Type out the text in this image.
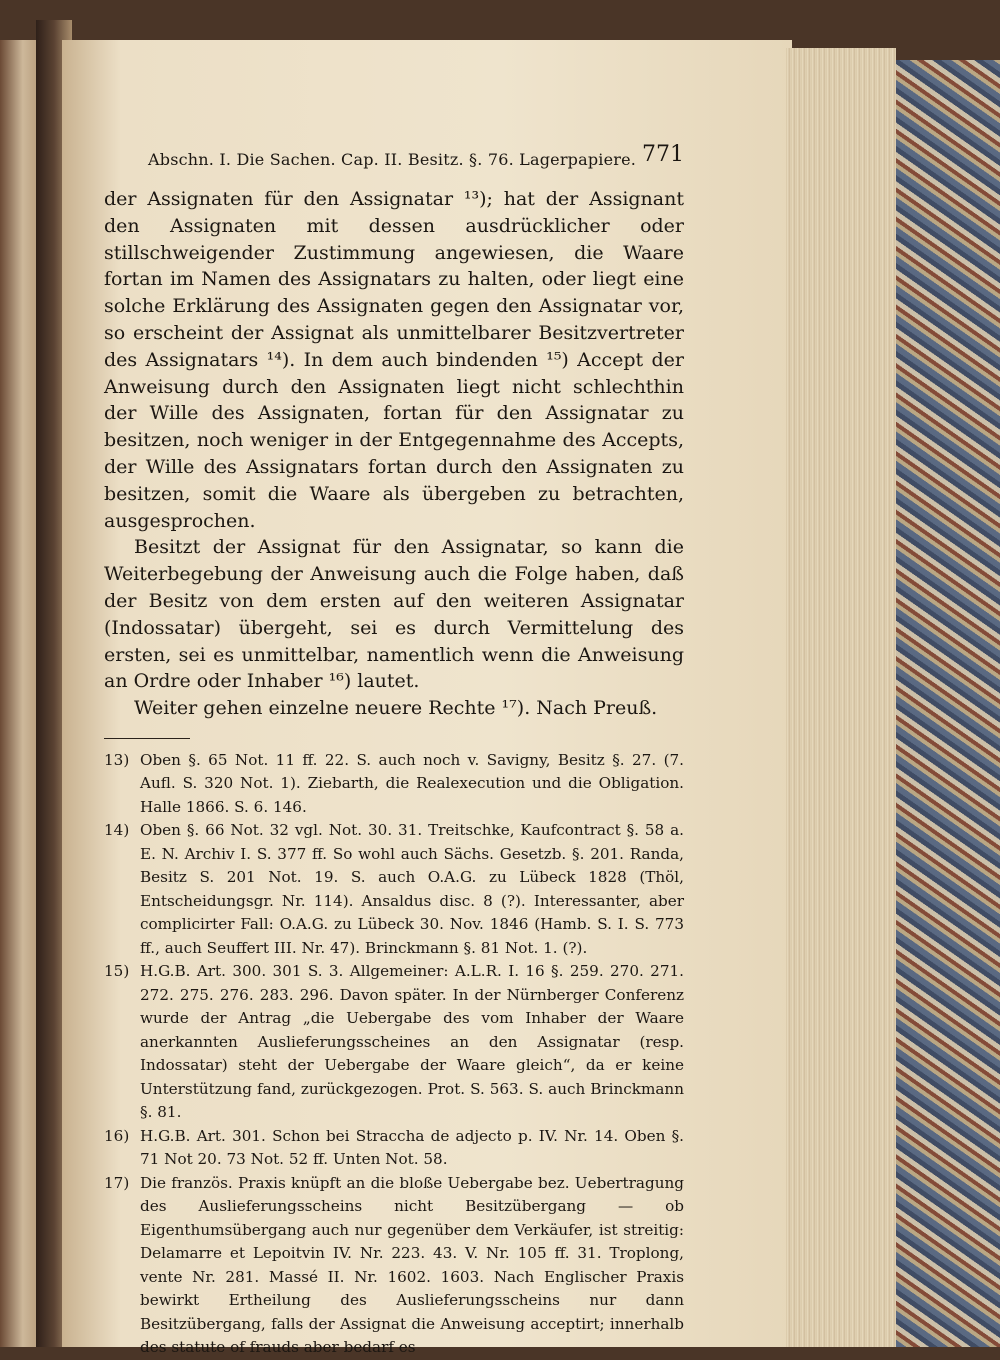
Abschn. I. Die Sachen. Cap. II. Besitz. §. 76. Lagerpapiere. 771

der Assignaten für den Assignatar ¹³); hat der Assignant den Assignaten mit dessen ausdrücklicher oder stillschweigender Zustimmung angewiesen, die Waare fortan im Namen des Assignatars zu halten, oder liegt eine solche Erklärung des Assignaten gegen den Assignatar vor, so erscheint der Assignat als unmittelbarer Besitzvertreter des Assignatars ¹⁴). In dem auch bindenden ¹⁵) Accept der Anweisung durch den Assignaten liegt nicht schlechthin der Wille des Assignaten, fortan für den Assignatar zu besitzen, noch weniger in der Entgegennahme des Accepts, der Wille des Assignatars fortan durch den Assignaten zu besitzen, somit die Waare als übergeben zu betrachten, ausgesprochen.

Besitzt der Assignat für den Assignatar, so kann die Weiterbegebung der Anweisung auch die Folge haben, daß der Besitz von dem ersten auf den weiteren Assignatar (Indossatar) übergeht, sei es durch Vermittelung des ersten, sei es unmittelbar, namentlich wenn die Anweisung an Ordre oder Inhaber ¹⁶) lautet.

Weiter gehen einzelne neuere Rechte ¹⁷). Nach Preuß.

13) Oben §. 65 Not. 11 ff. 22. S. auch noch v. Savigny, Besitz §. 27. (7. Aufl. S. 320 Not. 1). Ziebarth, die Realexecution und die Obligation. Halle 1866. S. 6. 146.
14) Oben §. 66 Not. 32 vgl. Not. 30. 31. Treitschke, Kaufcontract §. 58 a. E. N. Archiv I. S. 377 ff. So wohl auch Sächs. Gesetzb. §. 201. Randa, Besitz S. 201 Not. 19. S. auch O.A.G. zu Lübeck 1828 (Thöl, Entscheidungsgr. Nr. 114). Ansaldus disc. 8 (?). Interessanter, aber complicirter Fall: O.A.G. zu Lübeck 30. Nov. 1846 (Hamb. S. I. S. 773 ff., auch Seuffert III. Nr. 47). Brinckmann §. 81 Not. 1. (?).
15) H.G.B. Art. 300. 301 S. 3. Allgemeiner: A.L.R. I. 16 §. 259. 270. 271. 272. 275. 276. 283. 296. Davon später. In der Nürnberger Conferenz wurde der Antrag „die Uebergabe des vom Inhaber der Waare anerkannten Auslieferungsscheines an den Assignatar (resp. Indossatar) steht der Uebergabe der Waare gleich“, da er keine Unterstützung fand, zurückgezogen. Prot. S. 563. S. auch Brinckmann §. 81.
16) H.G.B. Art. 301. Schon bei Straccha de adjecto p. IV. Nr. 14. Oben §. 71 Not 20. 73 Not. 52 ff. Unten Not. 58.
17) Die französ. Praxis knüpft an die bloße Uebergabe bez. Uebertragung des Auslieferungsscheins nicht Besitzübergang — ob Eigenthumsübergang auch nur gegenüber dem Verkäufer, ist streitig: Delamarre et Lepoitvin IV. Nr. 223. 43. V. Nr. 105 ff. 31. Troplong, vente Nr. 281. Massé II. Nr. 1602. 1603. Nach Englischer Praxis bewirkt Ertheilung des Auslieferungsscheins nur dann Besitzübergang, falls der Assignat die Anweisung acceptirt; innerhalb des statute of frauds aber bedarf es
